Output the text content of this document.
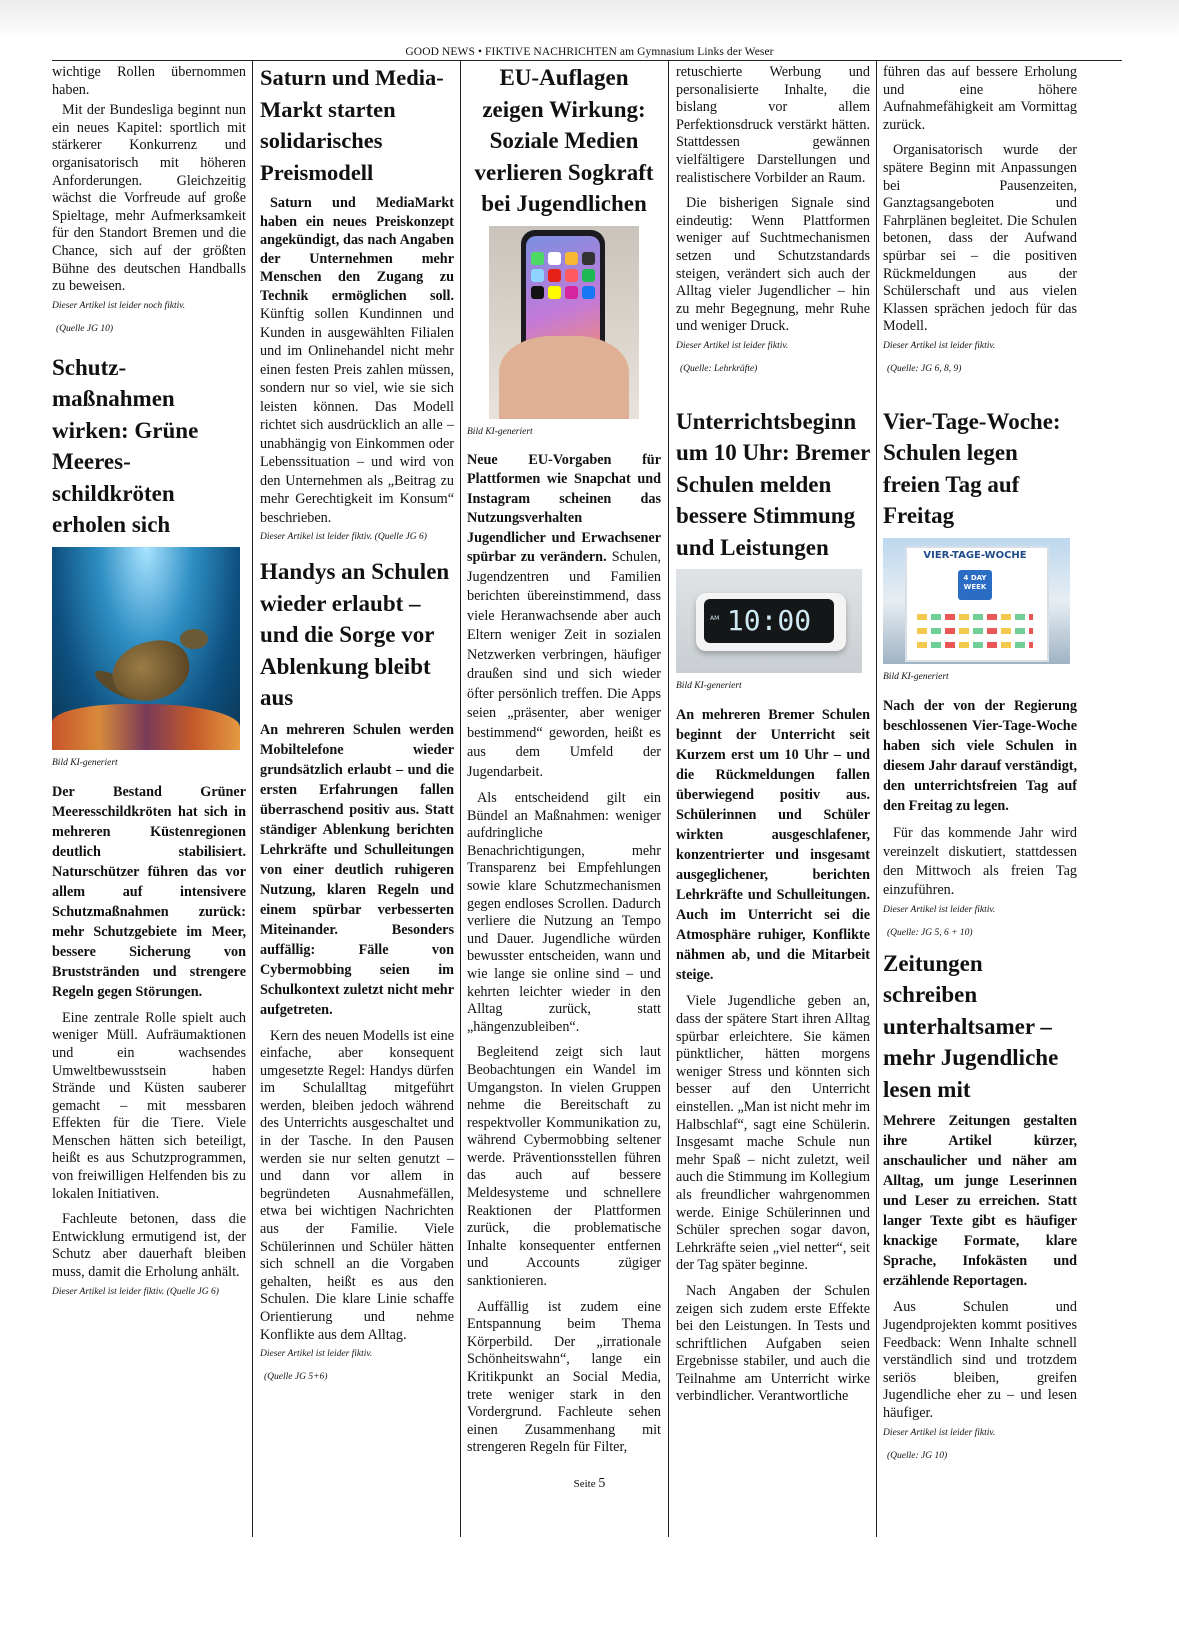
GOOD NEWS • FIKTIVE NACHRICHTEN am Gymnasium Links der Weser

wichtige Rollen übernommen haben.

Mit der Bundesliga beginnt nun ein neues Kapitel: sportlich mit stärkerer Konkurrenz und organisatorisch mit höheren Anforderungen. Gleichzeitig wächst die Vorfreude auf große Spieltage, mehr Aufmerksamkeit für den Standort Bremen und die Chance, sich auf der größten Bühne des deutschen Handballs zu beweisen.

Dieser Artikel ist leider noch fiktiv.
(Quelle JG 10)
Schutz-maßnahmen wirken: Grüne Meeres-schildkröten erholen sich
Bild KI-generiert

Der Bestand Grüner Meeresschildkröten hat sich in mehreren Küstenregionen deutlich stabilisiert. Naturschützer führen das vor allem auf intensivere Schutzmaßnahmen zurück: mehr Schutzgebiete im Meer, bessere Sicherung von Bruststränden und strengere Regeln gegen Störungen.

Eine zentrale Rolle spielt auch weniger Müll. Aufräumaktionen und ein wachsendes Umweltbewusstsein haben Strände und Küsten sauberer gemacht – mit messbaren Effekten für die Tiere. Viele Menschen hätten sich beteiligt, heißt es aus Schutzprogrammen, von freiwilligen Helfenden bis zu lokalen Initiativen.

Fachleute betonen, dass die Entwicklung ermutigend ist, der Schutz aber dauerhaft bleiben muss, damit die Erholung anhält.

Dieser Artikel ist leider fiktiv. (Quelle JG 6)
Saturn und Media-Markt starten solidarisches Preismodell

Saturn und MediaMarkt haben ein neues Preiskonzept angekündigt, das nach Angaben der Unternehmen mehr Menschen den Zugang zu Technik ermöglichen soll. Künftig sollen Kundinnen und Kunden in ausgewählten Filialen und im Onlinehandel nicht mehr einen festen Preis zahlen müssen, sondern nur so viel, wie sie sich leisten können. Das Modell richtet sich ausdrücklich an alle – unabhängig von Einkommen oder Lebenssituation – und wird von den Unternehmen als „Beitrag zu mehr Gerechtigkeit im Konsum“ beschrieben.

Dieser Artikel ist leider fiktiv. (Quelle JG 6)
Handys an Schulen wieder erlaubt – und die Sorge vor Ablenkung bleibt aus

An mehreren Schulen werden Mobiltelefone wieder grundsätzlich erlaubt – und die ersten Erfahrungen fallen überraschend positiv aus. Statt ständiger Ablenkung berichten Lehrkräfte und Schulleitungen von einer deutlich ruhigeren Nutzung, klaren Regeln und einem spürbar verbesserten Miteinander. Besonders auffällig: Fälle von Cybermobbing seien im Schulkontext zuletzt nicht mehr aufgetreten.

Kern des neuen Modells ist eine einfache, aber konsequent umgesetzte Regel: Handys dürfen im Schulalltag mitgeführt werden, bleiben jedoch während des Unterrichts ausgeschaltet und in der Tasche. In den Pausen werden sie nur selten genutzt – und dann vor allem in begründeten Ausnahmefällen, etwa bei wichtigen Nachrichten aus der Familie. Viele Schülerinnen und Schüler hätten sich schnell an die Vorgaben gehalten, heißt es aus den Schulen. Die klare Linie schaffe Orientierung und nehme Konflikte aus dem Alltag.

Dieser Artikel ist leider fiktiv.
(Quelle JG 5+6)
EU-Auflagen zeigen Wirkung: Soziale Medien verlieren Sogkraft bei Jugendlichen
Bild KI-generiert

Neue EU-Vorgaben für Plattformen wie Snapchat und Instagram scheinen das Nutzungsverhalten Jugendlicher und Erwachsener spürbar zu verändern. Schulen, Jugendzentren und Familien berichten übereinstimmend, dass viele Heranwachsende aber auch Eltern weniger Zeit in sozialen Netzwerken verbringen, häufiger draußen sind und sich wieder öfter persönlich treffen. Die Apps seien „präsenter, aber weniger bestimmend“ geworden, heißt es aus dem Umfeld der Jugendarbeit.

Als entscheidend gilt ein Bündel an Maßnahmen: weniger aufdringliche Benachrichtigungen, mehr Transparenz bei Empfehlungen sowie klare Schutzmechanismen gegen endloses Scrollen. Dadurch verliere die Nutzung an Tempo und Dauer. Jugendliche würden bewusster entscheiden, wann und wie lange sie online sind – und kehrten leichter wieder in den Alltag zurück, statt „hängenzubleiben“.

Begleitend zeigt sich laut Beobachtungen ein Wandel im Umgangston. In vielen Gruppen nehme die Bereitschaft zu respektvoller Kommunikation zu, während Cybermobbing seltener werde. Präventionsstellen führen das auch auf bessere Meldesysteme und schnellere Reaktionen der Plattformen zurück, die problematische Inhalte konsequenter entfernen und Accounts zügiger sanktionieren.

Auffällig ist zudem eine Entspannung beim Thema Körperbild. Der „irrationale Schönheitswahn“, lange ein Kritikpunkt an Social Media, trete weniger stark in den Vordergrund. Fachleute sehen einen Zusammenhang mit strengeren Regeln für Filter,

retuschierte Werbung und personalisierte Inhalte, die bislang vor allem Perfektionsdruck verstärkt hätten. Stattdessen gewännen vielfältigere Darstellungen und realistischere Vorbilder an Raum.

Die bisherigen Signale sind eindeutig: Wenn Plattformen weniger auf Suchtmechanismen setzen und Schutzstandards steigen, verändert sich auch der Alltag vieler Jugendlicher – hin zu mehr Begegnung, mehr Ruhe und weniger Druck.

Dieser Artikel ist leider fiktiv.
(Quelle: Lehrkräfte)
Unterrichtsbeginn um 10 Uhr: Bremer Schulen melden bessere Stimmung und Leistungen
10:00
AM
Bild KI-generiert

An mehreren Bremer Schulen beginnt der Unterricht seit Kurzem erst um 10 Uhr – und die Rückmeldungen fallen überwiegend positiv aus. Schülerinnen und Schüler wirkten ausgeschlafener, konzentrierter und insgesamt ausgeglichener, berichten Lehrkräfte und Schulleitungen. Auch im Unterricht sei die Atmosphäre ruhiger, Konflikte nähmen ab, und die Mitarbeit steige.

Viele Jugendliche geben an, dass der spätere Start ihren Alltag spürbar erleichtere. Sie kämen pünktlicher, hätten morgens weniger Stress und könnten sich besser auf den Unterricht einstellen. „Man ist nicht mehr im Halbschlaf“, sagt eine Schülerin. Insgesamt mache Schule nun mehr Spaß – nicht zuletzt, weil auch die Stimmung im Kollegium als freundlicher wahrgenommen werde. Einige Schülerinnen und Schüler sprechen sogar davon, Lehrkräfte seien „viel netter“, seit der Tag später beginne.

Nach Angaben der Schulen zeigen sich zudem erste Effekte bei den Leistungen. In Tests und schriftlichen Aufgaben seien Ergebnisse stabiler, und auch die Teilnahme am Unterricht wirke verbindlicher. Verantwortliche

führen das auf bessere Erholung und eine höhere Aufnahmefähigkeit am Vormittag zurück.

Organisatorisch wurde der spätere Beginn mit Anpassungen bei Pausenzeiten, Ganztagsangeboten und Fahrplänen begleitet. Die Schulen betonen, dass der Aufwand spürbar sei – die positiven Rückmeldungen aus der Schülerschaft und aus vielen Klassen sprächen jedoch für das Modell.

Dieser Artikel ist leider fiktiv.
(Quelle: JG 6, 8, 9)
Vier-Tage-Woche: Schulen legen freien Tag auf Freitag
VIER-TAGE-WOCHE
4 DAY WEEK
Bild KI-generiert

Nach der von der Regierung beschlossenen Vier-Tage-Woche haben sich viele Schulen in diesem Jahr darauf verständigt, den unterrichtsfreien Tag auf den Freitag zu legen.

Für das kommende Jahr wird vereinzelt diskutiert, stattdessen den Mittwoch als freien Tag einzuführen.

Dieser Artikel ist leider fiktiv.
(Quelle: JG 5, 6 + 10)
Zeitungen schreiben unterhaltsamer – mehr Jugendliche lesen mit

Mehrere Zeitungen gestalten ihre Artikel kürzer, anschaulicher und näher am Alltag, um junge Leserinnen und Leser zu erreichen. Statt langer Texte gibt es häufiger knackige Formate, klare Sprache, Infokästen und erzählende Reportagen.

Aus Schulen und Jugendprojekten kommt positives Feedback: Wenn Inhalte schnell verständlich sind und trotzdem seriös bleiben, greifen Jugendliche eher zu – und lesen häufiger.

Dieser Artikel ist leider fiktiv.
(Quelle: JG 10)
Seite 5
